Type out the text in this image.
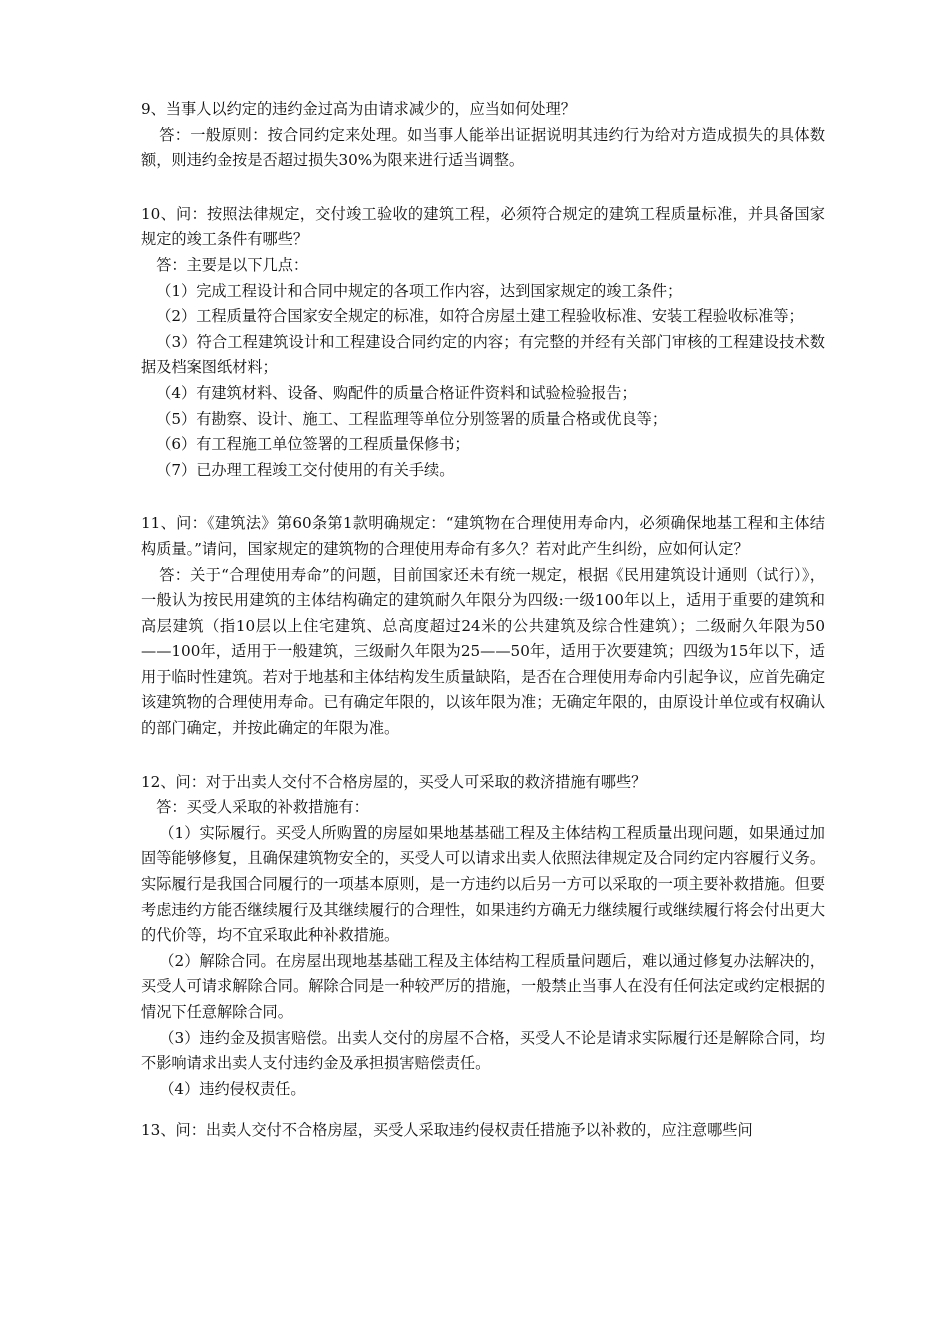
9、当事人以约定的违约金过高为由请求减少的，应当如何处理？

答：一般原则：按合同约定来处理。如当事人能举出证据说明其违约行为给对方造成损失的具体数额，则违约金按是否超过损失30%为限来进行适当调整。

10、问：按照法律规定，交付竣工验收的建筑工程，必须符合规定的建筑工程质量标准，并具备国家规定的竣工条件有哪些？

答：主要是以下几点：

（1）完成工程设计和合同中规定的各项工作内容，达到国家规定的竣工条件；

（2）工程质量符合国家安全规定的标准，如符合房屋土建工程验收标准、安装工程验收标准等；

（3）符合工程建筑设计和工程建设合同约定的内容；有完整的并经有关部门审核的工程建设技术数据及档案图纸材料；

（4）有建筑材料、设备、购配件的质量合格证件资料和试验检验报告；

（5）有勘察、设计、施工、工程监理等单位分别签署的质量合格或优良等；

（6）有工程施工单位签署的工程质量保修书；

（7）已办理工程竣工交付使用的有关手续。

11、问：《建筑法》第60条第1款明确规定：“建筑物在合理使用寿命内，必须确保地基工程和主体结构质量。”请问，国家规定的建筑物的合理使用寿命有多久？若对此产生纠纷，应如何认定？

答：关于“合理使用寿命”的问题，目前国家还未有统一规定，根据《民用建筑设计通则（试行）》，一般认为按民用建筑的主体结构确定的建筑耐久年限分为四级:一级100年以上，适用于重要的建筑和高层建筑（指10层以上住宅建筑、总高度超过24米的公共建筑及综合性建筑）；二级耐久年限为50——100年，适用于一般建筑，三级耐久年限为25——50年，适用于次要建筑；四级为15年以下，适用于临时性建筑。若对于地基和主体结构发生质量缺陷，是否在合理使用寿命内引起争议，应首先确定该建筑物的合理使用寿命。已有确定年限的，以该年限为准；无确定年限的，由原设计单位或有权确认的部门确定，并按此确定的年限为准。

12、问：对于出卖人交付不合格房屋的，买受人可采取的救济措施有哪些？

答：买受人采取的补救措施有：

（1）实际履行。买受人所购置的房屋如果地基基础工程及主体结构工程质量出现问题，如果通过加固等能够修复，且确保建筑物安全的，买受人可以请求出卖人依照法律规定及合同约定内容履行义务。实际履行是我国合同履行的一项基本原则，是一方违约以后另一方可以采取的一项主要补救措施。但要考虑违约方能否继续履行及其继续履行的合理性，如果违约方确无力继续履行或继续履行将会付出更大的代价等，均不宜采取此种补救措施。

（2）解除合同。在房屋出现地基基础工程及主体结构工程质量问题后，难以通过修复办法解决的，买受人可请求解除合同。解除合同是一种较严厉的措施，一般禁止当事人在没有任何法定或约定根据的情况下任意解除合同。

（3）违约金及损害赔偿。出卖人交付的房屋不合格，买受人不论是请求实际履行还是解除合同，均不影响请求出卖人支付违约金及承担损害赔偿责任。

（4）违约侵权责任。

13、问：出卖人交付不合格房屋，买受人采取违约侵权责任措施予以补救的，应注意哪些问
